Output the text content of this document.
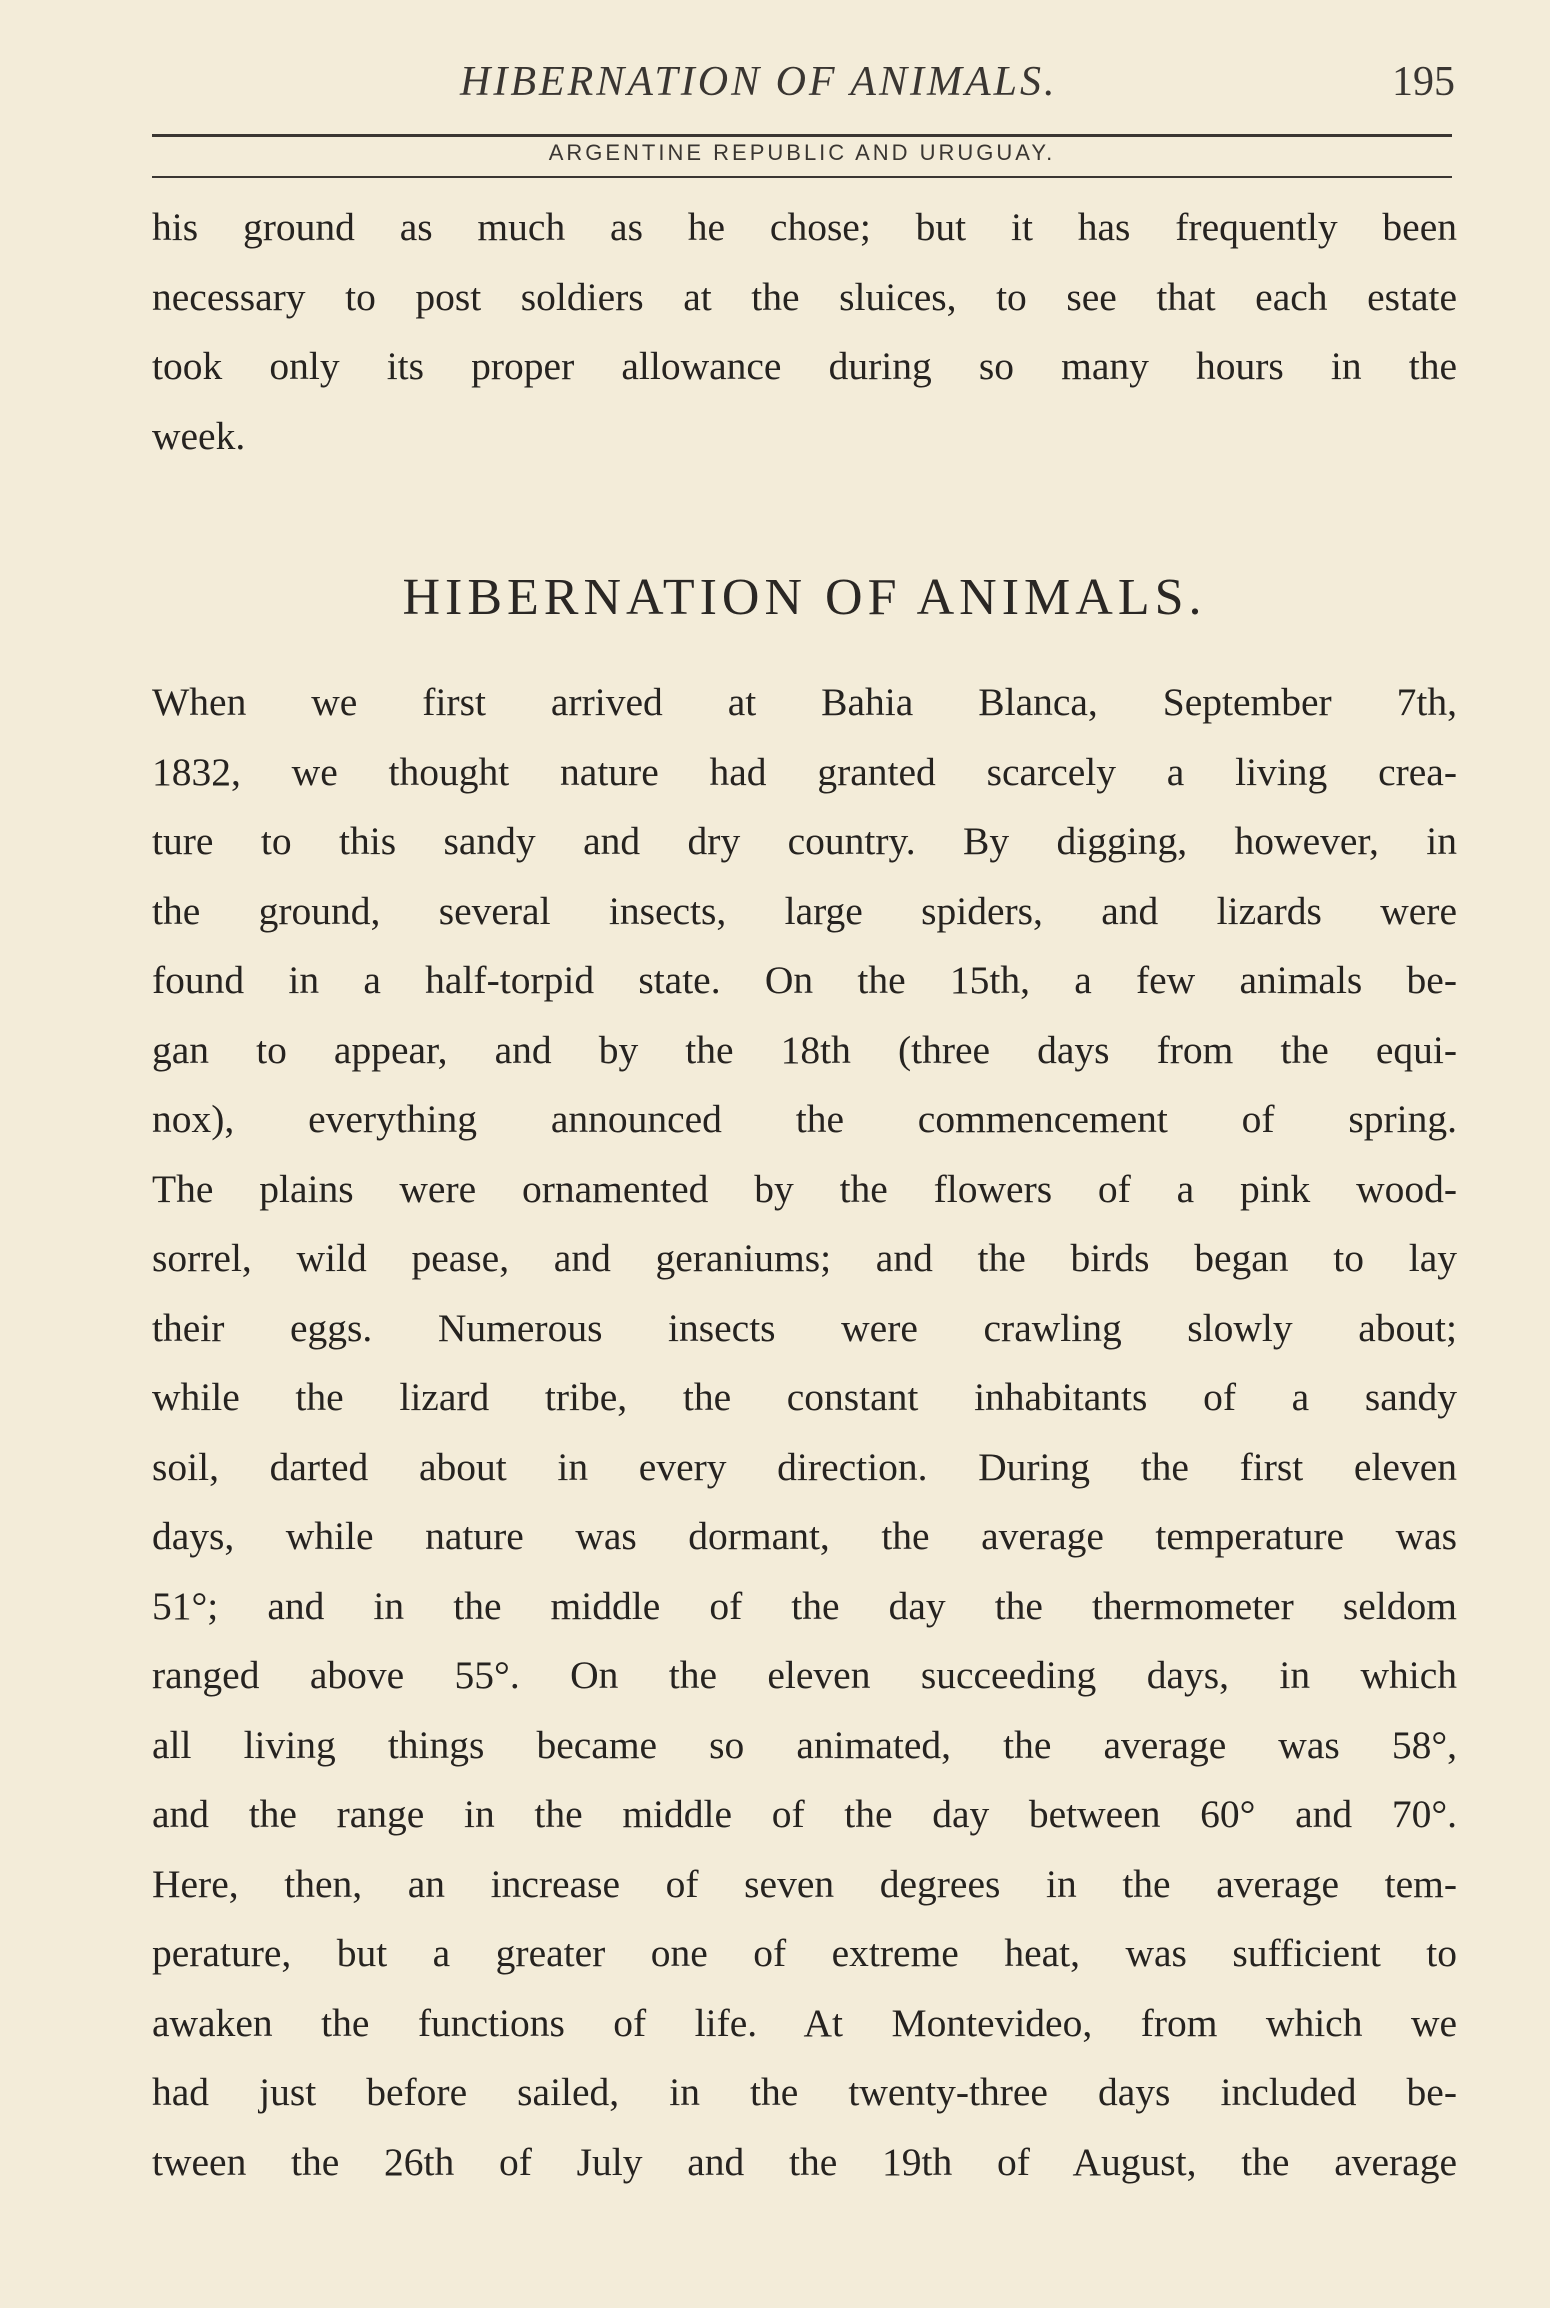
HIBERNATION OF ANIMALS.	195
ARGENTINE REPUBLIC AND URUGUAY.
his ground as much as he chose; but it has frequently been
necessary to post soldiers at the sluices, to see that each estate
took only its proper allowance during so many hours in the
week.
HIBERNATION OF ANIMALS.
When we first arrived at Bahia Blanca, September 7th,
1832, we thought nature had granted scarcely a living crea-
ture to this sandy and dry country. By digging, however, in
the ground, several insects, large spiders, and lizards were
found in a half-torpid state. On the 15th, a few animals be-
gan to appear, and by the 18th (three days from the equi-
nox), everything announced the commencement of spring.
The plains were ornamented by the flowers of a pink wood-
sorrel, wild pease, and geraniums; and the birds began to lay
their eggs. Numerous insects were crawling slowly about;
while the lizard tribe, the constant inhabitants of a sandy
soil, darted about in every direction. During the first eleven
days, while nature was dormant, the average temperature was
51°; and in the middle of the day the thermometer seldom
ranged above 55°. On the eleven succeeding days, in which
all living things became so animated, the average was 58°,
and the range in the middle of the day between 60° and 70°.
Here, then, an increase of seven degrees in the average tem-
perature, but a greater one of extreme heat, was sufficient to
awaken the functions of life. At Montevideo, from which we
had just before sailed, in the twenty-three days included be-
tween the 26th of July and the 19th of August, the average
